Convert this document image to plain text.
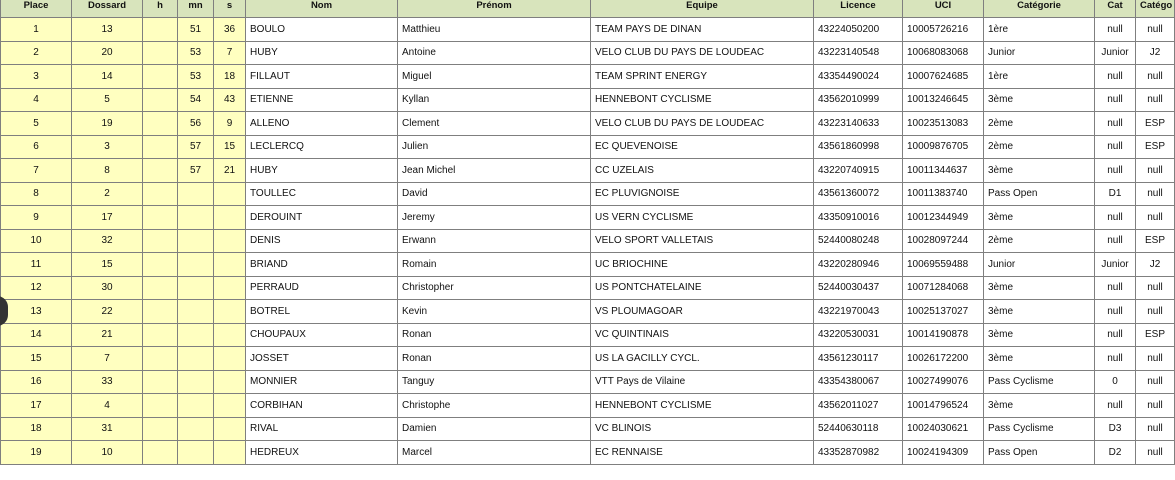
Place	Dossard	h	mn	s	Nom	Prénom	Equipe	Licence	UCI	Catégorie	Cat	Catégo
1	13		51	36	BOULO	Matthieu	TEAM PAYS DE DINAN	43224050200	10005726216	1ère	null	null
2	20		53	7	HUBY	Antoine	VELO CLUB DU PAYS DE LOUDEAC	43223140548	10068083068	Junior	Junior	J2
3	14		53	18	FILLAUT	Miguel	TEAM SPRINT ENERGY	43354490024	10007624685	1ère	null	null
4	5		54	43	ETIENNE	Kyllan	HENNEBONT CYCLISME	43562010999	10013246645	3ème	null	null
5	19		56	9	ALLENO	Clement	VELO CLUB DU PAYS DE LOUDEAC	43223140633	10023513083	2ème	null	ESP
6	3		57	15	LECLERCQ	Julien	EC QUEVENOISE	43561860998	10009876705	2ème	null	ESP
7	8		57	21	HUBY	Jean Michel	CC UZELAIS	43220740915	10011344637	3ème	null	null
8	2				TOULLEC	David	EC PLUVIGNOISE	43561360072	10011383740	Pass Open	D1	null
9	17				DEROUINT	Jeremy	US VERN CYCLISME	43350910016	10012344949	3ème	null	null
10	32				DENIS	Erwann	VELO SPORT VALLETAIS	52440080248	10028097244	2ème	null	ESP
11	15				BRIAND	Romain	UC BRIOCHINE	43220280946	10069559488	Junior	Junior	J2
12	30				PERRAUD	Christopher	US PONTCHATELAINE	52440030437	10071284068	3ème	null	null
13	22				BOTREL	Kevin	VS PLOUMAGOAR	43221970043	10025137027	3ème	null	null
14	21				CHOUPAUX	Ronan	VC QUINTINAIS	43220530031	10014190878	3ème	null	ESP
15	7				JOSSET	Ronan	US LA GACILLY CYCL.	43561230117	10026172200	3ème	null	null
16	33				MONNIER	Tanguy	VTT Pays de Vilaine	43354380067	10027499076	Pass Cyclisme	0	null
17	4				CORBIHAN	Christophe	HENNEBONT CYCLISME	43562011027	10014796524	3ème	null	null
18	31				RIVAL	Damien	VC BLINOIS	52440630118	10024030621	Pass Cyclisme	D3	null
19	10				HEDREUX	Marcel	EC RENNAISE	43352870982	10024194309	Pass Open	D2	null
